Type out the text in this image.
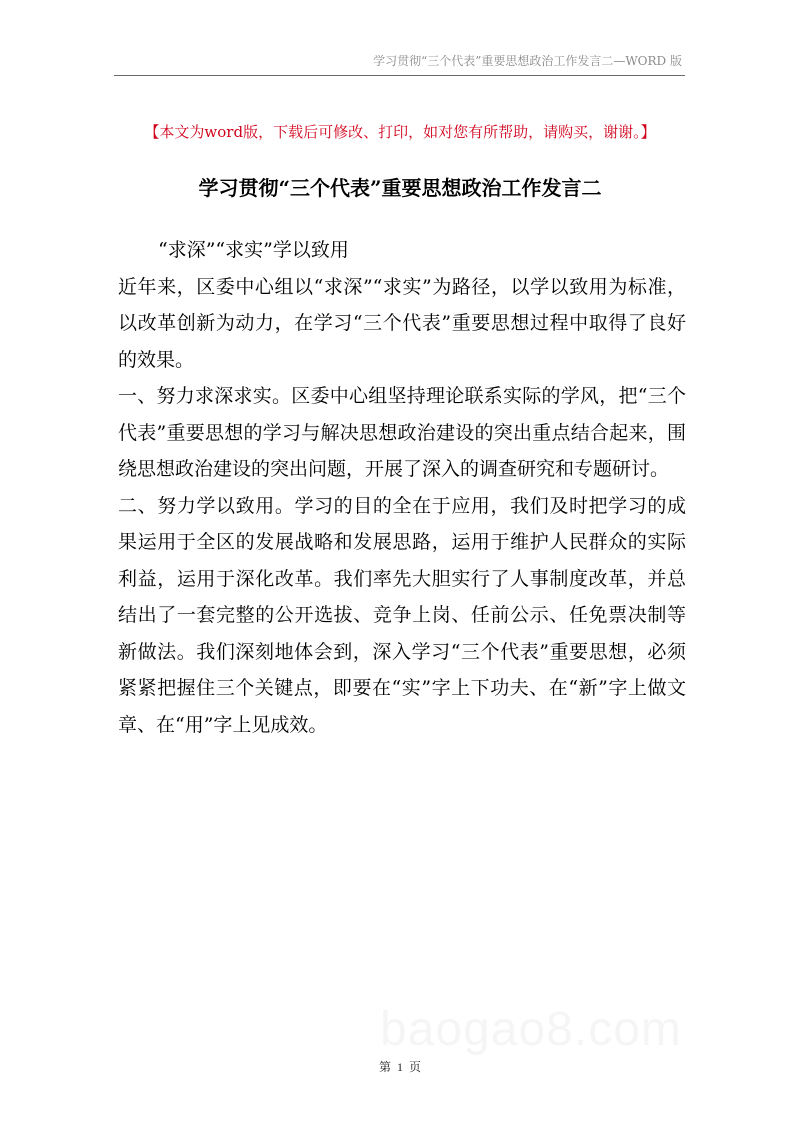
学习贯彻“三个代表”重要思想政治工作发言二—WORD 版
【本文为word版，下载后可修改、打印，如对您有所帮助，请购买，谢谢。】
学习贯彻“三个代表”重要思想政治工作发言二

“求深”“求实”学以致用

近年来，区委中心组以“求深”“求实”为路径，以学以致用为标准，以改革创新为动力，在学习“三个代表”重要思想过程中取得了良好的效果。

一、努力求深求实。区委中心组坚持理论联系实际的学风，把“三个代表”重要思想的学习与解决思想政治建设的突出重点结合起来，围绕思想政治建设的突出问题，开展了深入的调查研究和专题研讨。

二、努力学以致用。学习的目的全在于应用，我们及时把学习的成果运用于全区的发展战略和发展思路，运用于维护人民群众的实际利益，运用于深化改革。我们率先大胆实行了人事制度改革，并总结出了一套完整的公开选拔、竞争上岗、任前公示、任免票决制等新做法。我们深刻地体会到，深入学习“三个代表”重要思想，必须紧紧把握住三个关键点，即要在“实”字上下功夫、在“新”字上做文章、在“用”字上见成效。

第 1 页
